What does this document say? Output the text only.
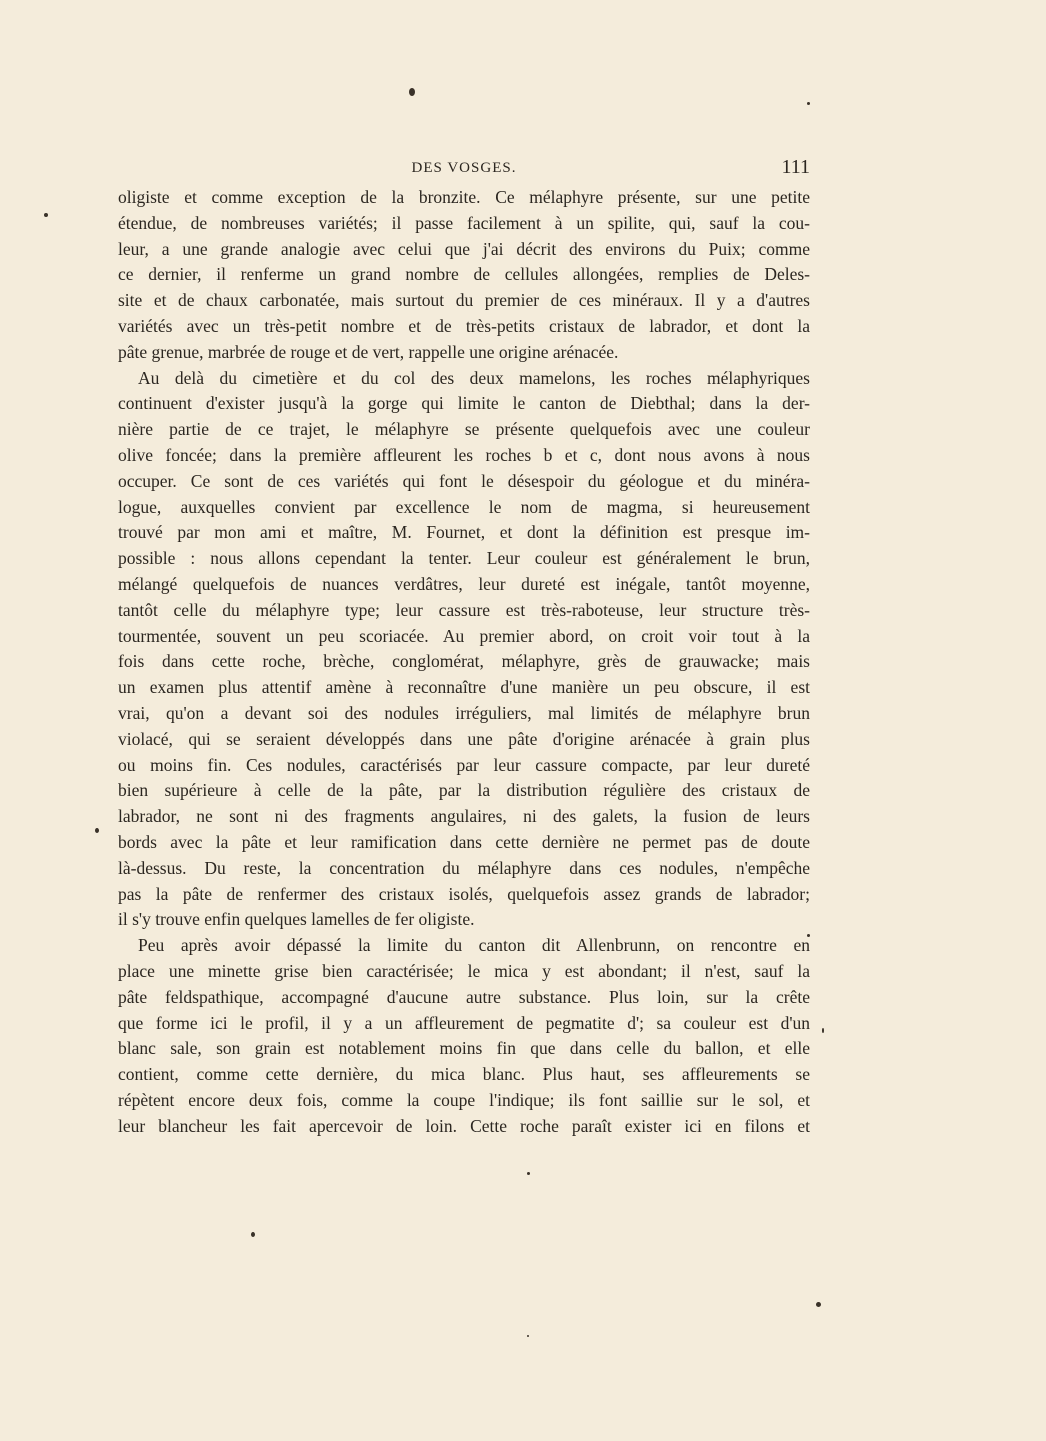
DES VOSGES.	111
oligiste et comme exception de la bronzite. Ce mélaphyre présente, sur une petite
étendue, de nombreuses variétés; il passe facilement à un spilite, qui, sauf la cou-
leur, a une grande analogie avec celui que j'ai décrit des environs du Puix; comme
ce dernier, il renferme un grand nombre de cellules allongées, remplies de Deles-
site et de chaux carbonatée, mais surtout du premier de ces minéraux. Il y a d'autres
variétés avec un très-petit nombre et de très-petits cristaux de labrador, et dont la
pâte grenue, marbrée de rouge et de vert, rappelle une origine arénacée.
Au delà du cimetière et du col des deux mamelons, les roches mélaphyriques
continuent d'exister jusqu'à la gorge qui limite le canton de Diebthal; dans la der-
nière partie de ce trajet, le mélaphyre se présente quelquefois avec une couleur
olive foncée; dans la première affleurent les roches b et c, dont nous avons à nous
occuper. Ce sont de ces variétés qui font le désespoir du géologue et du minéra-
logue, auxquelles convient par excellence le nom de magma, si heureusement
trouvé par mon ami et maître, M. Fournet, et dont la définition est presque im-
possible : nous allons cependant la tenter. Leur couleur est généralement le brun,
mélangé quelquefois de nuances verdâtres, leur dureté est inégale, tantôt moyenne,
tantôt celle du mélaphyre type; leur cassure est très-raboteuse, leur structure très-
tourmentée, souvent un peu scoriacée. Au premier abord, on croit voir tout à la
fois dans cette roche, brèche, conglomérat, mélaphyre, grès de grauwacke; mais
un examen plus attentif amène à reconnaître d'une manière un peu obscure, il est
vrai, qu'on a devant soi des nodules irréguliers, mal limités de mélaphyre brun
violacé, qui se seraient développés dans une pâte d'origine arénacée à grain plus
ou moins fin. Ces nodules, caractérisés par leur cassure compacte, par leur dureté
bien supérieure à celle de la pâte, par la distribution régulière des cristaux de
labrador, ne sont ni des fragments angulaires, ni des galets, la fusion de leurs
bords avec la pâte et leur ramification dans cette dernière ne permet pas de doute
là-dessus. Du reste, la concentration du mélaphyre dans ces nodules, n'empêche
pas la pâte de renfermer des cristaux isolés, quelquefois assez grands de labrador;
il s'y trouve enfin quelques lamelles de fer oligiste.
Peu après avoir dépassé la limite du canton dit Allenbrunn, on rencontre en
place une minette grise bien caractérisée; le mica y est abondant; il n'est, sauf la
pâte feldspathique, accompagné d'aucune autre substance. Plus loin, sur la crête
que forme ici le profil, il y a un affleurement de pegmatite d'; sa couleur est d'un
blanc sale, son grain est notablement moins fin que dans celle du ballon, et elle
contient, comme cette dernière, du mica blanc. Plus haut, ses affleurements se
répètent encore deux fois, comme la coupe l'indique; ils font saillie sur le sol, et
leur blancheur les fait apercevoir de loin. Cette roche paraît exister ici en filons et
